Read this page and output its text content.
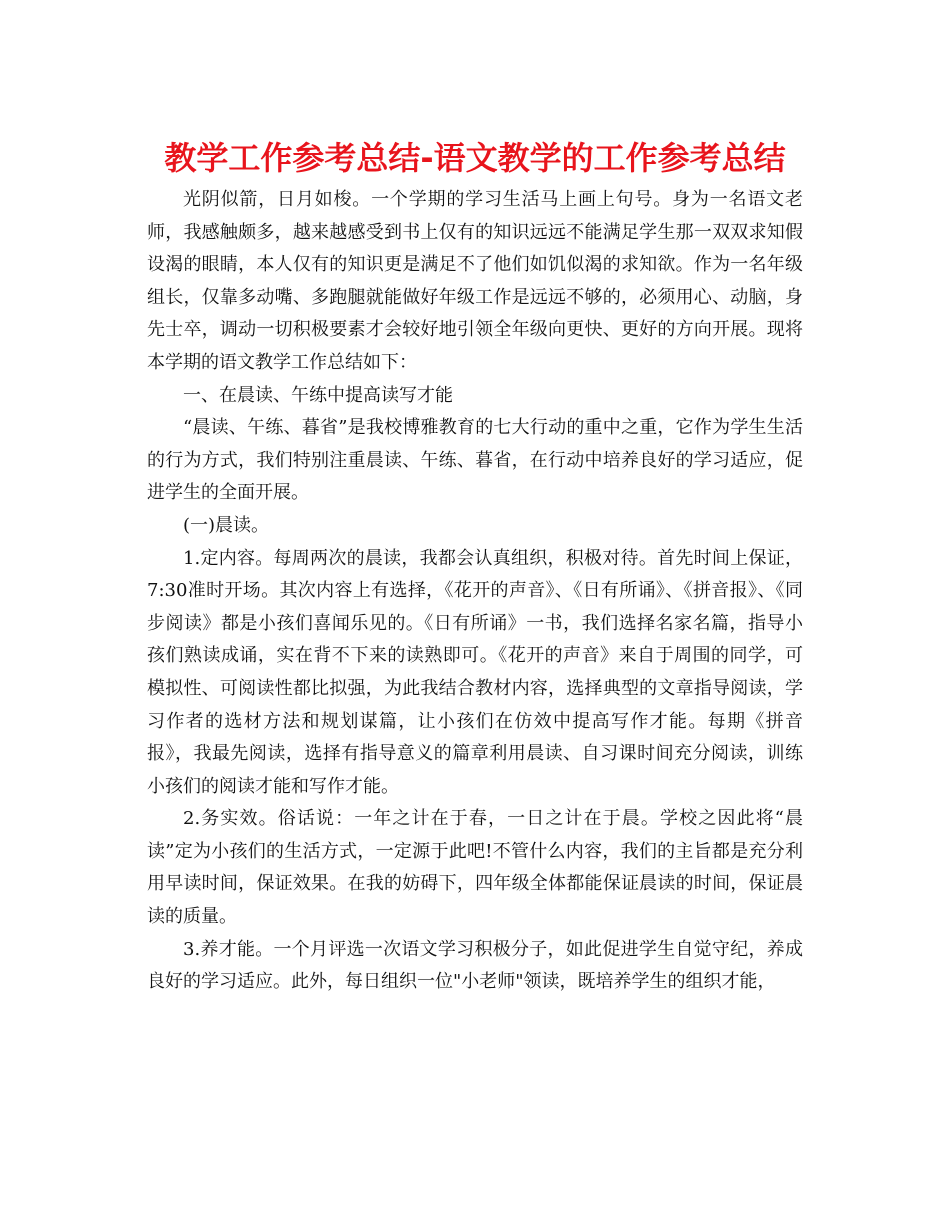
教学工作参考总结-语文教学的工作参考总结

光阴似箭，日月如梭。一个学期的学习生活马上画上句号。身为一名语文老师，我感触颇多，越来越感受到书上仅有的知识远远不能满足学生那一双双求知假设渴的眼睛，本人仅有的知识更是满足不了他们如饥似渴的求知欲。作为一名年级组长，仅靠多动嘴、多跑腿就能做好年级工作是远远不够的，必须用心、动脑，身先士卒，调动一切积极要素才会较好地引领全年级向更快、更好的方向开展。现将本学期的语文教学工作总结如下：

一、在晨读、午练中提高读写才能

“晨读、午练、暮省”是我校博雅教育的七大行动的重中之重，它作为学生生活的行为方式，我们特别注重晨读、午练、暮省，在行动中培养良好的学习适应，促进学生的全面开展。

(一)晨读。

1.定内容。每周两次的晨读，我都会认真组织，积极对待。首先时间上保证，7:30准时开场。其次内容上有选择，《花开的声音》、《日有所诵》、《拼音报》、《同步阅读》都是小孩们喜闻乐见的。《日有所诵》一书，我们选择名家名篇，指导小孩们熟读成诵，实在背不下来的读熟即可。《花开的声音》来自于周围的同学，可模拟性、可阅读性都比拟强，为此我结合教材内容，选择典型的文章指导阅读，学习作者的选材方法和规划谋篇，让小孩们在仿效中提高写作才能。每期《拼音报》，我最先阅读，选择有指导意义的篇章利用晨读、自习课时间充分阅读，训练小孩们的阅读才能和写作才能。

2.务实效。俗话说：一年之计在于春，一日之计在于晨。学校之因此将“晨读”定为小孩们的生活方式，一定源于此吧!不管什么内容，我们的主旨都是充分利用早读时间，保证效果。在我的妨碍下，四年级全体都能保证晨读的时间，保证晨读的质量。

3.养才能。一个月评选一次语文学习积极分子，如此促进学生自觉守纪，养成良好的学习适应。此外，每日组织一位"小老师"领读，既培养学生的组织才能，
